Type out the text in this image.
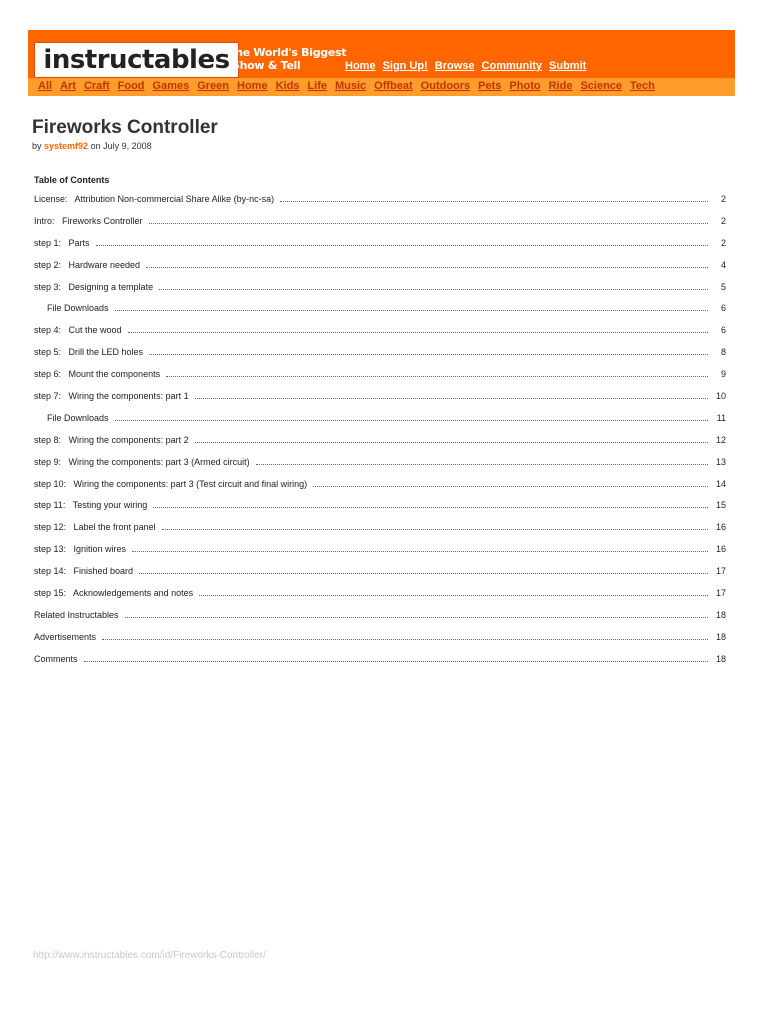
instructables
The World's Biggest
Show & Tell	Home Sign Up! Browse Community Submit
All Art Craft Food Games Green Home Kids Life Music Offbeat Outdoors Pets Photo Ride Science Tech
Fireworks Controller
by systemf92 on July 9, 2008
Table of Contents
License:   Attribution Non-commercial Share Alike (by-nc-sa)	2
Intro:   Fireworks Controller	2
step 1:   Parts	2
step 2:   Hardware needed	4
step 3:   Designing a template	5
File Downloads	6
step 4:   Cut the wood	6
step 5:   Drill the LED holes	8
step 6:   Mount the components	9
step 7:   Wiring the components: part 1	10
File Downloads	11
step 8:   Wiring the components: part 2	12
step 9:   Wiring the components: part 3 (Armed circuit)	13
step 10:   Wiring the components: part 3 (Test circuit and final wiring)	14
step 11:   Testing your wiring	15
step 12:   Label the front panel	16
step 13:   Ignition wires	16
step 14:   Finished board	17
step 15:   Acknowledgements and notes	17
Related Instructables	18
Advertisements	18
Comments	18
http://www.instructables.com/id/Fireworks-Controller/
